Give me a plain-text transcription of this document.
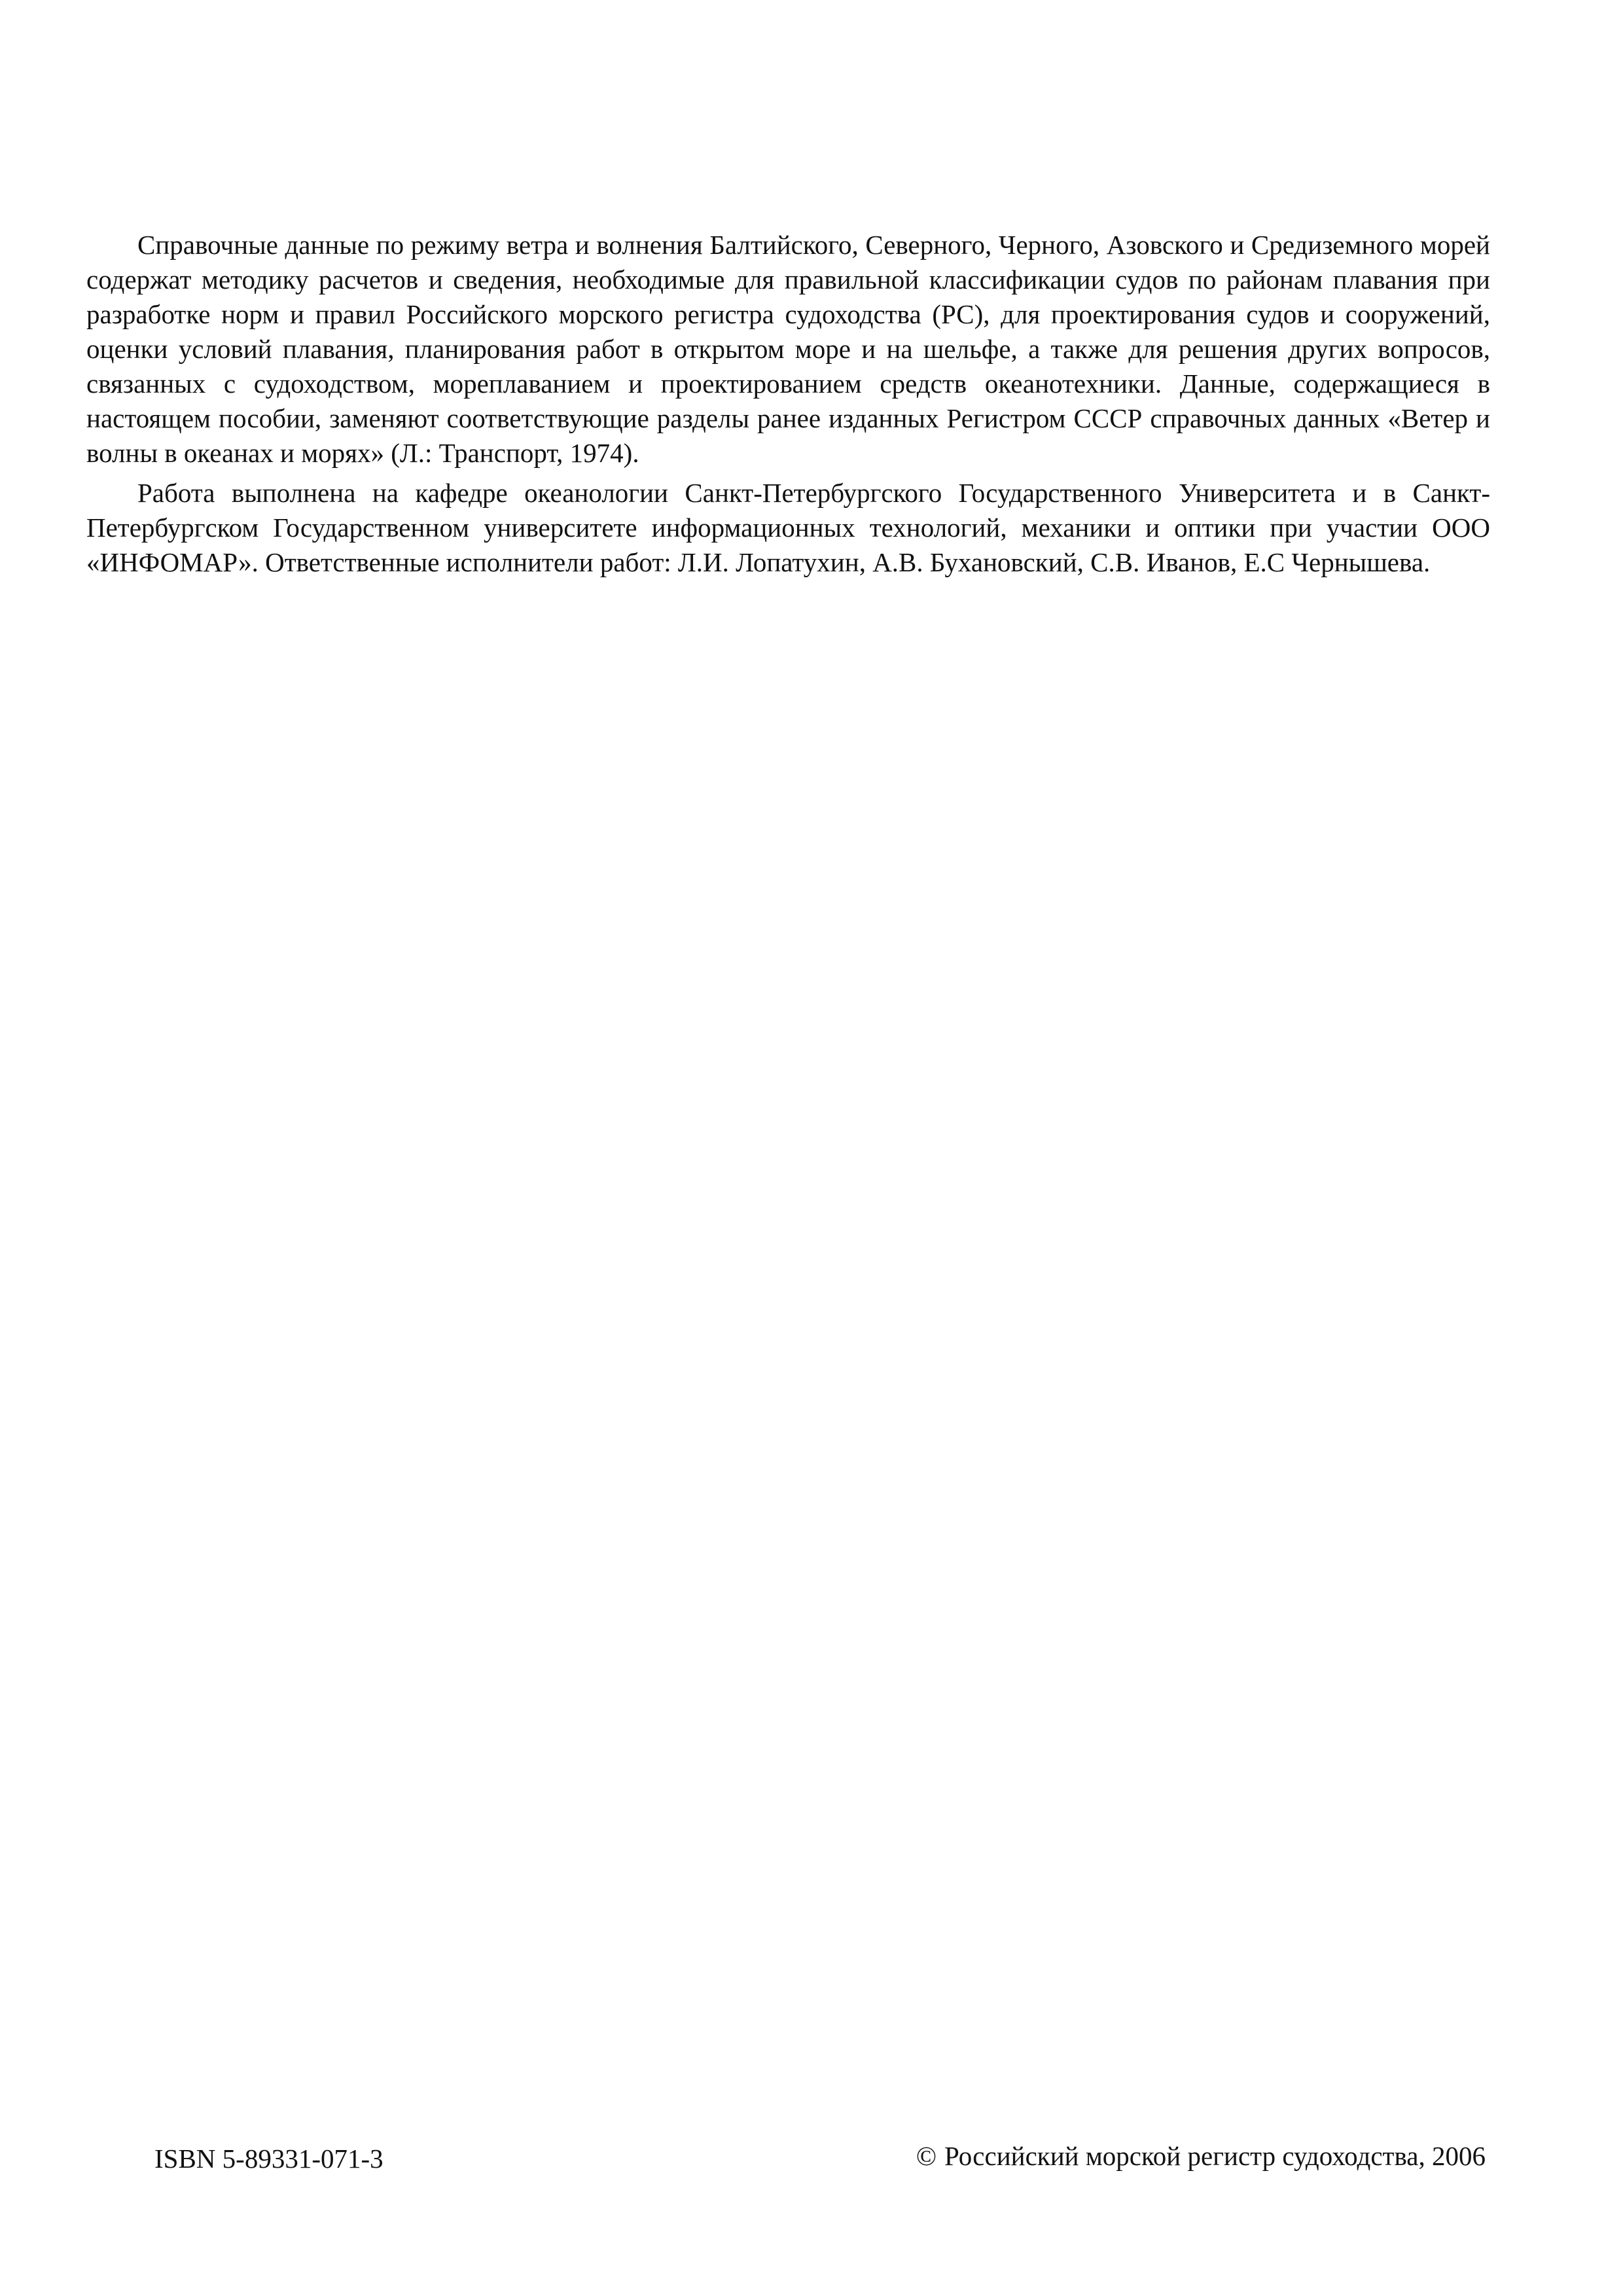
Справочные данные по режиму ветра и волнения Балтийского, Северного, Черного, Азовского и Средиземного морей содержат методику расчетов и сведения, необходимые для правильной классификации судов по районам плавания при разработке норм и правил Российского морского регистра судоходства (РС), для проектирования судов и сооружений, оценки условий плавания, планирования работ в открытом море и на шельфе, а также для решения других вопросов, связанных с судоходством, мореплаванием и проектированием средств океанотехники. Данные, содержащиеся в настоящем пособии, заменяют соответствующие разделы ранее изданных Регистром СССР справочных данных «Ветер и волны в океанах и морях» (Л.: Транспорт, 1974).

Работа выполнена на кафедре океанологии Санкт-Петербургского Государственного Университета и в Санкт-Петербургском Государственном университете информационных технологий, механики и оптики при участии ООО «ИНФОМАР». Ответственные исполнители работ: Л.И. Лопатухин, А.В. Бухановский, С.В. Иванов, Е.С Чернышева.

ISBN 5-89331-071-3	© Российский морской регистр судоходства, 2006
